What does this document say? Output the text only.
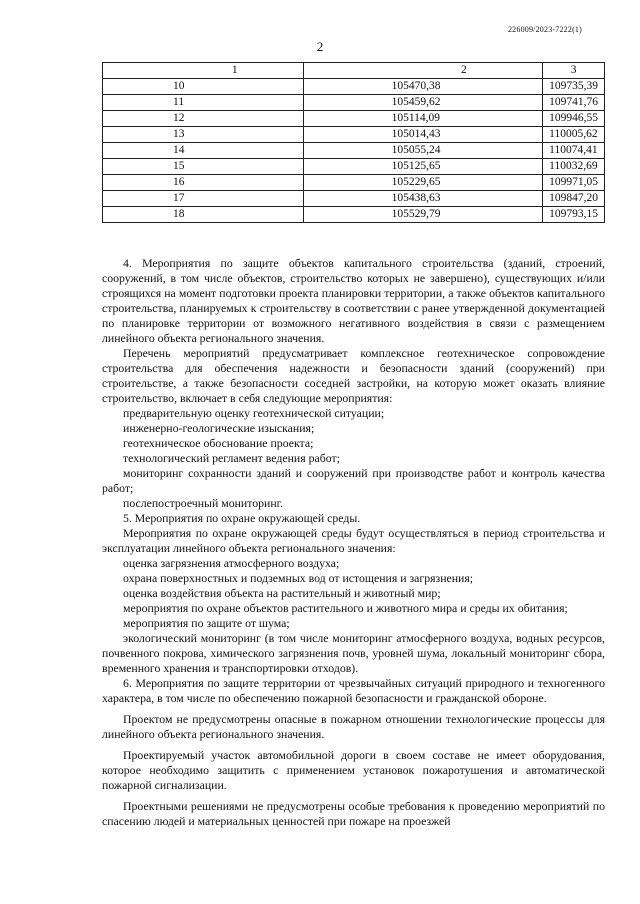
226009/2023-7222(1)
2
1	2	3
10	105470,38	109735,39
11	105459,62	109741,76
12	105114,09	109946,55
13	105014,43	110005,62
14	105055,24	110074,41
15	105125,65	110032,69
16	105229,65	109971,05
17	105438,63	109847,20
18	105529,79	109793,15

4. Мероприятия по защите объектов капитального строительства (зданий, строений, сооружений, в том числе объектов, строительство которых не завершено), существующих и/или строящихся на момент подготовки проекта планировки территории, а также объектов капитального строительства, планируемых к строительству в соответствии с ранее утвержденной документацией по планировке территории от возможного негативного воздействия в связи с размещением линейного объекта регионального значения.

Перечень мероприятий предусматривает комплексное геотехническое сопровождение строительства для обеспечения надежности и безопасности зданий (сооружений) при строительстве, а также безопасности соседней застройки, на которую может оказать влияние строительство, включает в себя следующие мероприятия:

предварительную оценку геотехнической ситуации;

инженерно-геологические изыскания;

геотехническое обоснование проекта;

технологический регламент ведения работ;

мониторинг сохранности зданий и сооружений при производстве работ и контроль качества работ;

послепостроечный мониторинг.

5. Мероприятия по охране окружающей среды.

Мероприятия по охране окружающей среды будут осуществляться в период строительства и эксплуатации линейного объекта регионального значения:

оценка загрязнения атмосферного воздуха;

охрана поверхностных и подземных вод от истощения и загрязнения;

оценка воздействия объекта на растительный и животный мир;

мероприятия по охране объектов растительного и животного мира и среды их обитания;

мероприятия по защите от шума;

экологический мониторинг (в том числе мониторинг атмосферного воздуха, водных ресурсов, почвенного покрова, химического загрязнения почв, уровней шума, локальный мониторинг сбора, временного хранения и транспортировки отходов).

6. Мероприятия по защите территории от чрезвычайных ситуаций природного и техногенного характера, в том числе по обеспечению пожарной безопасности и гражданской обороне.

Проектом не предусмотрены опасные в пожарном отношении технологические процессы для линейного объекта регионального значения.

Проектируемый участок автомобильной дороги в своем составе не имеет оборудования, которое необходимо защитить с применением установок пожаротушения и автоматической пожарной сигнализации.

Проектными решениями не предусмотрены особые требования к проведению мероприятий по спасению людей и материальных ценностей при пожаре на проезжей
